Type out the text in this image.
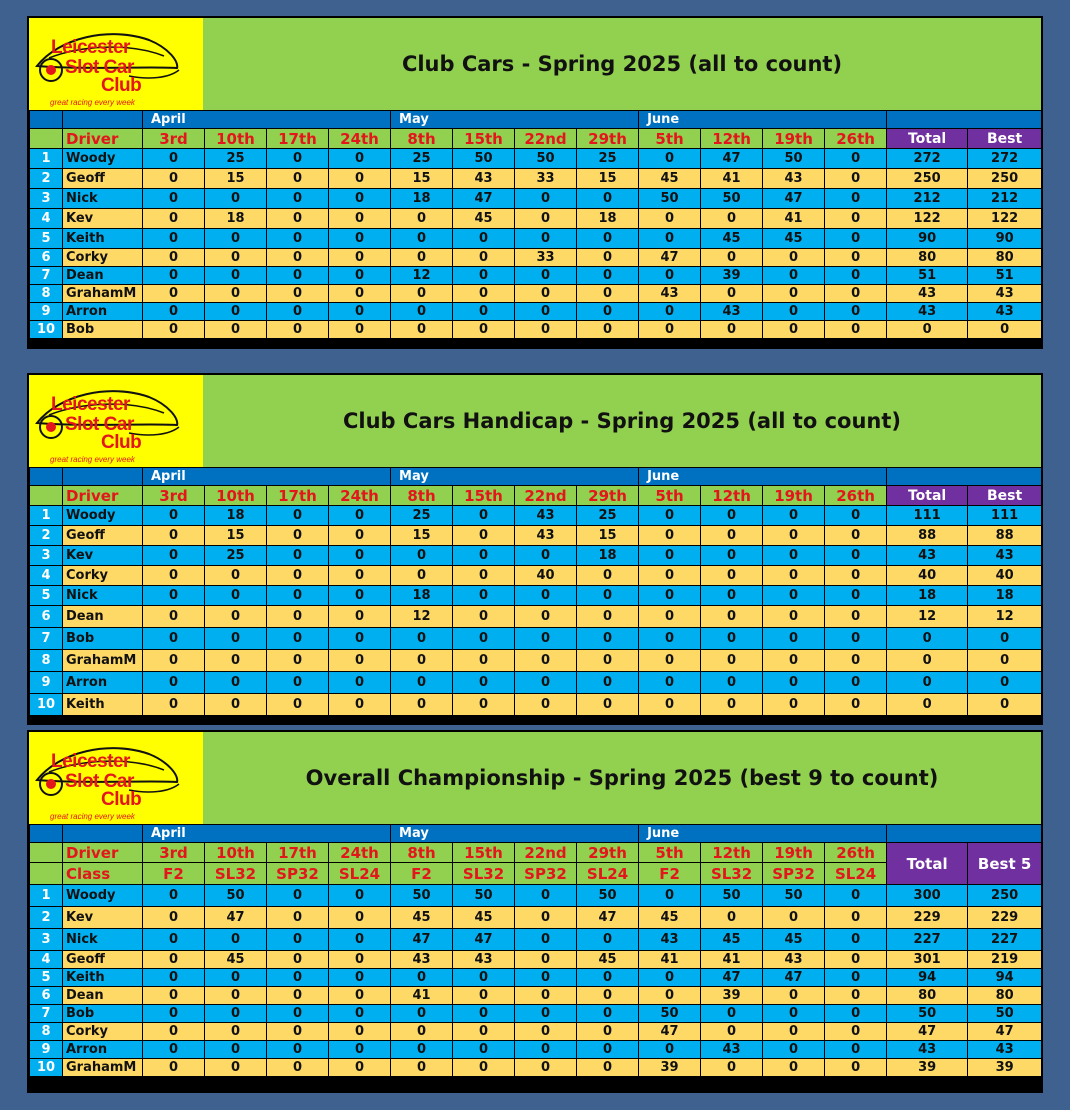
Leicester
Slot Car
Club
great racing every week
Club Cars - Spring 2025 (all to count)
		April				May				June					
	Driver	3rd	10th	17th	24th	8th	15th	22nd	29th	5th	12th	19th	26th	Total	Best
1	Woody	0	25	0	0	25	50	50	25	0	47	50	0	272	272
2	Geoff	0	15	0	0	15	43	33	15	45	41	43	0	250	250
3	Nick	0	0	0	0	18	47	0	0	50	50	47	0	212	212
4	Kev	0	18	0	0	0	45	0	18	0	0	41	0	122	122
5	Keith	0	0	0	0	0	0	0	0	0	45	45	0	90	90
6	Corky	0	0	0	0	0	0	33	0	47	0	0	0	80	80
7	Dean	0	0	0	0	12	0	0	0	0	39	0	0	51	51
8	GrahamM	0	0	0	0	0	0	0	0	43	0	0	0	43	43
9	Arron	0	0	0	0	0	0	0	0	0	43	0	0	43	43
10	Bob	0	0	0	0	0	0	0	0	0	0	0	0	0	0
Leicester
Slot Car
Club
great racing every week
Club Cars Handicap - Spring 2025 (all to count)
		April				May				June					
	Driver	3rd	10th	17th	24th	8th	15th	22nd	29th	5th	12th	19th	26th	Total	Best
1	Woody	0	18	0	0	25	0	43	25	0	0	0	0	111	111
2	Geoff	0	15	0	0	15	0	43	15	0	0	0	0	88	88
3	Kev	0	25	0	0	0	0	0	18	0	0	0	0	43	43
4	Corky	0	0	0	0	0	0	40	0	0	0	0	0	40	40
5	Nick	0	0	0	0	18	0	0	0	0	0	0	0	18	18
6	Dean	0	0	0	0	12	0	0	0	0	0	0	0	12	12
7	Bob	0	0	0	0	0	0	0	0	0	0	0	0	0	0
8	GrahamM	0	0	0	0	0	0	0	0	0	0	0	0	0	0
9	Arron	0	0	0	0	0	0	0	0	0	0	0	0	0	0
10	Keith	0	0	0	0	0	0	0	0	0	0	0	0	0	0
Leicester
Slot Car
Club
great racing every week
Overall Championship - Spring 2025 (best 9 to count)
		April				May				June					
	Driver	3rd	10th	17th	24th	8th	15th	22nd	29th	5th	12th	19th	26th	Total	Best 5
	Class	F2	SL32	SP32	SL24	F2	SL32	SP32	SL24	F2	SL32	SP32	SL24		
1	Woody	0	50	0	0	50	50	0	50	0	50	50	0	300	250
2	Kev	0	47	0	0	45	45	0	47	45	0	0	0	229	229
3	Nick	0	0	0	0	47	47	0	0	43	45	45	0	227	227
4	Geoff	0	45	0	0	43	43	0	45	41	41	43	0	301	219
5	Keith	0	0	0	0	0	0	0	0	0	47	47	0	94	94
6	Dean	0	0	0	0	41	0	0	0	0	39	0	0	80	80
7	Bob	0	0	0	0	0	0	0	0	50	0	0	0	50	50
8	Corky	0	0	0	0	0	0	0	0	47	0	0	0	47	47
9	Arron	0	0	0	0	0	0	0	0	0	43	0	0	43	43
10	GrahamM	0	0	0	0	0	0	0	0	39	0	0	0	39	39
